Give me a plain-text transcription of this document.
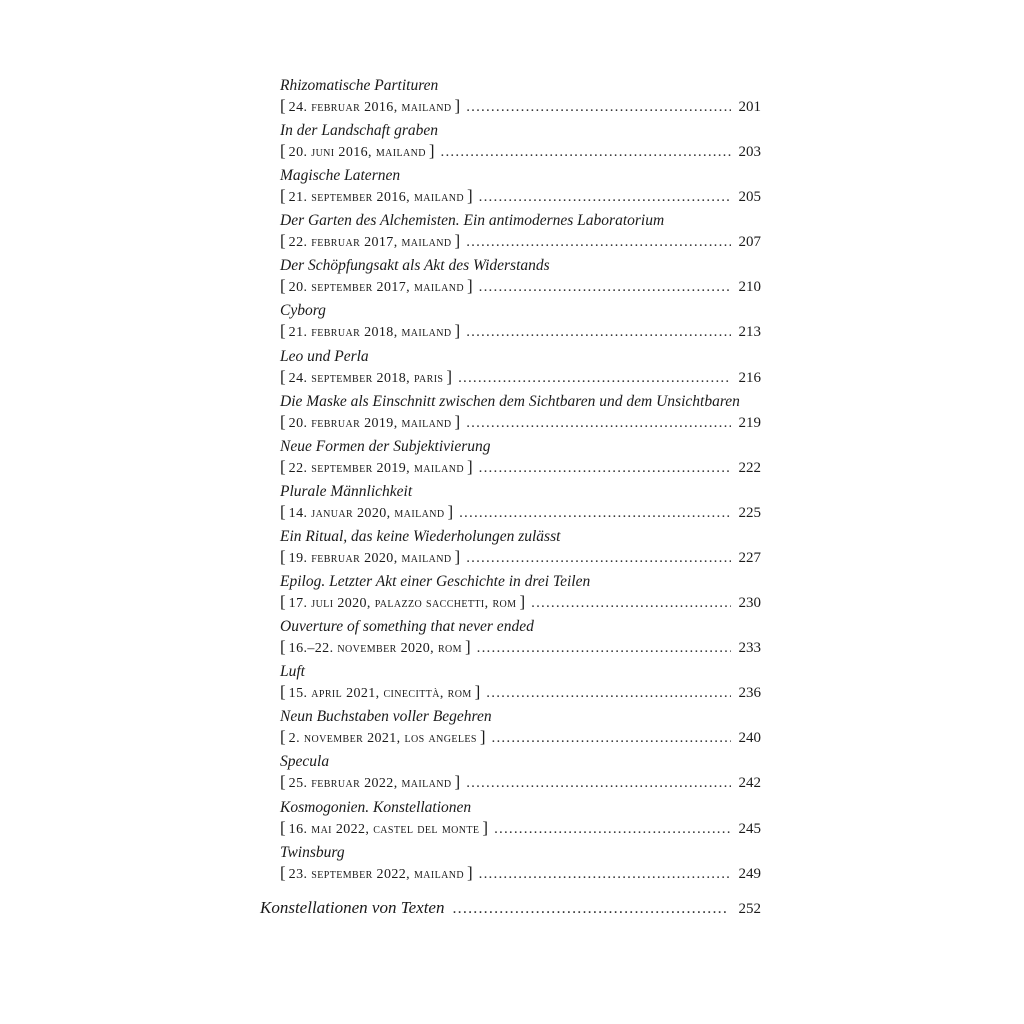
Rhizomatische Partituren
[ 24. februar 2016, mailand ] .....	201
In der Landschaft graben
[ 20. juni 2016, mailand ] .....	203
Magische Laternen
[ 21. september 2016, mailand ] .....	205
Der Garten des Alchemisten. Ein antimodernes Laboratorium
[ 22. februar 2017, mailand ] .....	207
Der Schöpfungsakt als Akt des Widerstands
[ 20. september 2017, mailand ] .....	210
Cyborg
[ 21. februar 2018, mailand ] .....	213
Leo und Perla
[ 24. september 2018, paris ] .....	216
Die Maske als Einschnitt zwischen dem Sichtbaren und dem Unsichtbaren
[ 20. februar 2019, mailand ] .....	219
Neue Formen der Subjektivierung
[ 22. september 2019, mailand ] .....	222
Plurale Männlichkeit
[ 14. januar 2020, mailand ] .....	225
Ein Ritual, das keine Wiederholungen zulässt
[ 19. februar 2020, mailand ] .....	227
Epilog. Letzter Akt einer Geschichte in drei Teilen
[ 17. juli 2020, palazzo sacchetti, rom ] .....	230
Ouverture of something that never ended
[ 16.–22. november 2020, rom ] .....	233
Luft
[ 15. april 2021, cinecittà, rom ] .....	236
Neun Buchstaben voller Begehren
[ 2. november 2021, los angeles ] .....	240
Specula
[ 25. februar 2022, mailand ] .....	242
Kosmogonien. Konstellationen
[ 16. mai 2022, castel del monte ] .....	245
Twinsburg
[ 23. september 2022, mailand ] .....	249
Konstellationen von Texten .....	252
